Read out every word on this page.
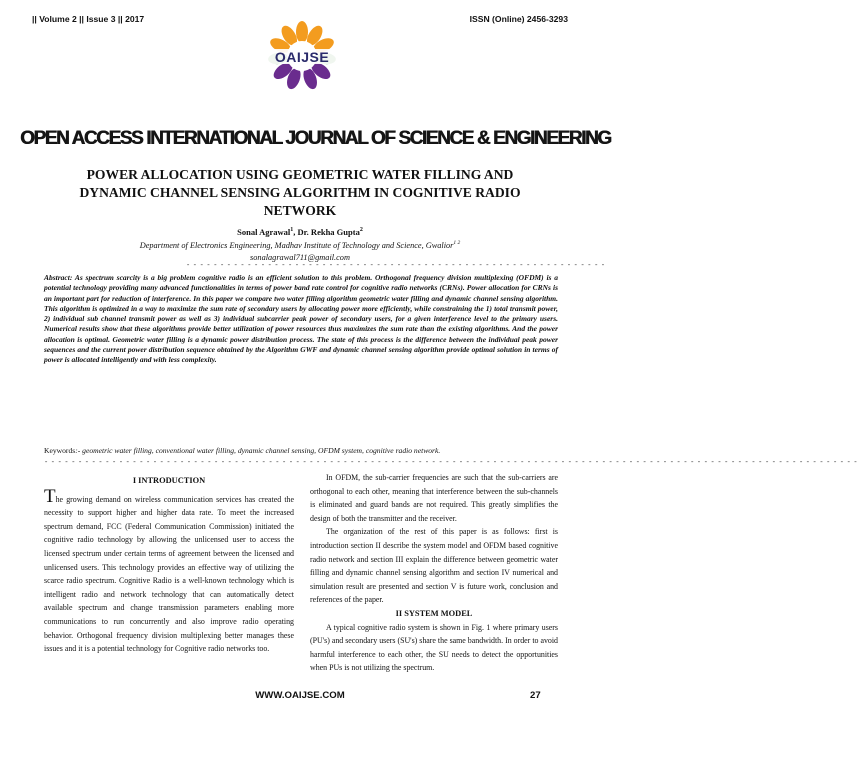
|| Volume 2 || Issue 3 || 2017	ISSN (Online) 2456-3293
OAIJSE
OPEN ACCESS INTERNATIONAL JOURNAL OF SCIENCE & ENGINEERING
POWER ALLOCATION USING GEOMETRIC WATER FILLING AND
DYNAMIC CHANNEL SENSING ALGORITHM IN COGNITIVE RADIO
NETWORK
Sonal Agrawal$^1$, Dr. Rekha Gupta$^2$
Department of Electronics Engineering, Madhav Institute of Technology and Science, Gwalior$^{1 2}$
sonalagrawal711@gmail.com
- - - - - - - - - - - - - - - - - - - - - - - - - - - - - - - - - - - - - - - - - - - - - - - - - - - - - - - - - - - - - -
Abstract: As spectrum scarcity is a big problem cognitive radio is an efficient solution to this problem. Orthogonal frequency division multiplexing (OFDM) is a potential technology providing many advanced functionalities in terms of power band rate control for cognitive radio networks (CRNs). Power allocation for CRNs is an important part for reduction of interference. In this paper we compare two water filling algorithm geometric water filling and dynamic channel sensing algorithm. This algorithm is optimized in a way to maximize the sum rate of secondary users by allocating power more efficiently, while constraining the 1) total transmit power, 2) individual sub channel transmit power as well as 3) individual subcarrier peak power of secondary users, for a given interference level to the primary users. Numerical results show that these algorithms provide better utilization of power resources thus maximizes the sum rate than the existing algorithms. And the power allocation is optimal. Geometric water filling is a dynamic power distribution process. The state of this process is the difference between the individual peak power sequences and the current power distribution sequence obtained by the Algorithm GWF and dynamic channel sensing algorithm provide optimal solution in terms of power is allocated intelligently and with less complexity.
Keywords:- geometric water filling, conventional water filling, dynamic channel sensing, OFDM system, cognitive radio network.
- - - - - - - - - - - - - - - - - - - - - - - - - - - - - - - - - - - - - - - - - - - - - - - - - - - - - - - - - - - - - - - - - - - - - - - - - - - - - - - - - - - - - - - - - - - - - - - - - - - - - - - - - - - - - - - - - - - - - - - -
I INTRODUCTION

The growing demand on wireless communication services has created the necessity to support higher and higher data rate. To meet the increased spectrum demand, FCC (Federal Communication Commission) initiated the cognitive radio technology by allowing the unlicensed user to access the licensed spectrum under certain terms of agreement between the licensed and unlicensed users. This technology provides an effective way of utilizing the scarce radio spectrum. Cognitive Radio is a well-known technology which is intelligent radio and network technology that can automatically detect available spectrum and change transmission parameters enabling more communications to run concurrently and also improve radio operating behavior. Orthogonal frequency division multiplexing better manages these issues and it is a potential technology for Cognitive radio networks too.

In OFDM, the sub-carrier frequencies are such that the sub-carriers are orthogonal to each other, meaning that interference between the sub-channels is eliminated and guard bands are not required. This greatly simplifies the design of both the transmitter and the receiver.

The organization of the rest of this paper is as follows: first is introduction section II describe the system model and OFDM based cognitive radio network and section III explain the difference between geometric water filling and dynamic channel sensing algorithm and section IV numerical and simulation result are presented and section V is future work, conclusion and references of the paper.

II SYSTEM MODEL

A typical cognitive radio system is shown in Fig. 1 where primary users (PU's) and secondary users (SU's) share the same bandwidth. In order to avoid harmful interference to each other, the SU needs to detect the opportunities when PUs is not utilizing the spectrum.

WWW.OAIJSE.COM	27
